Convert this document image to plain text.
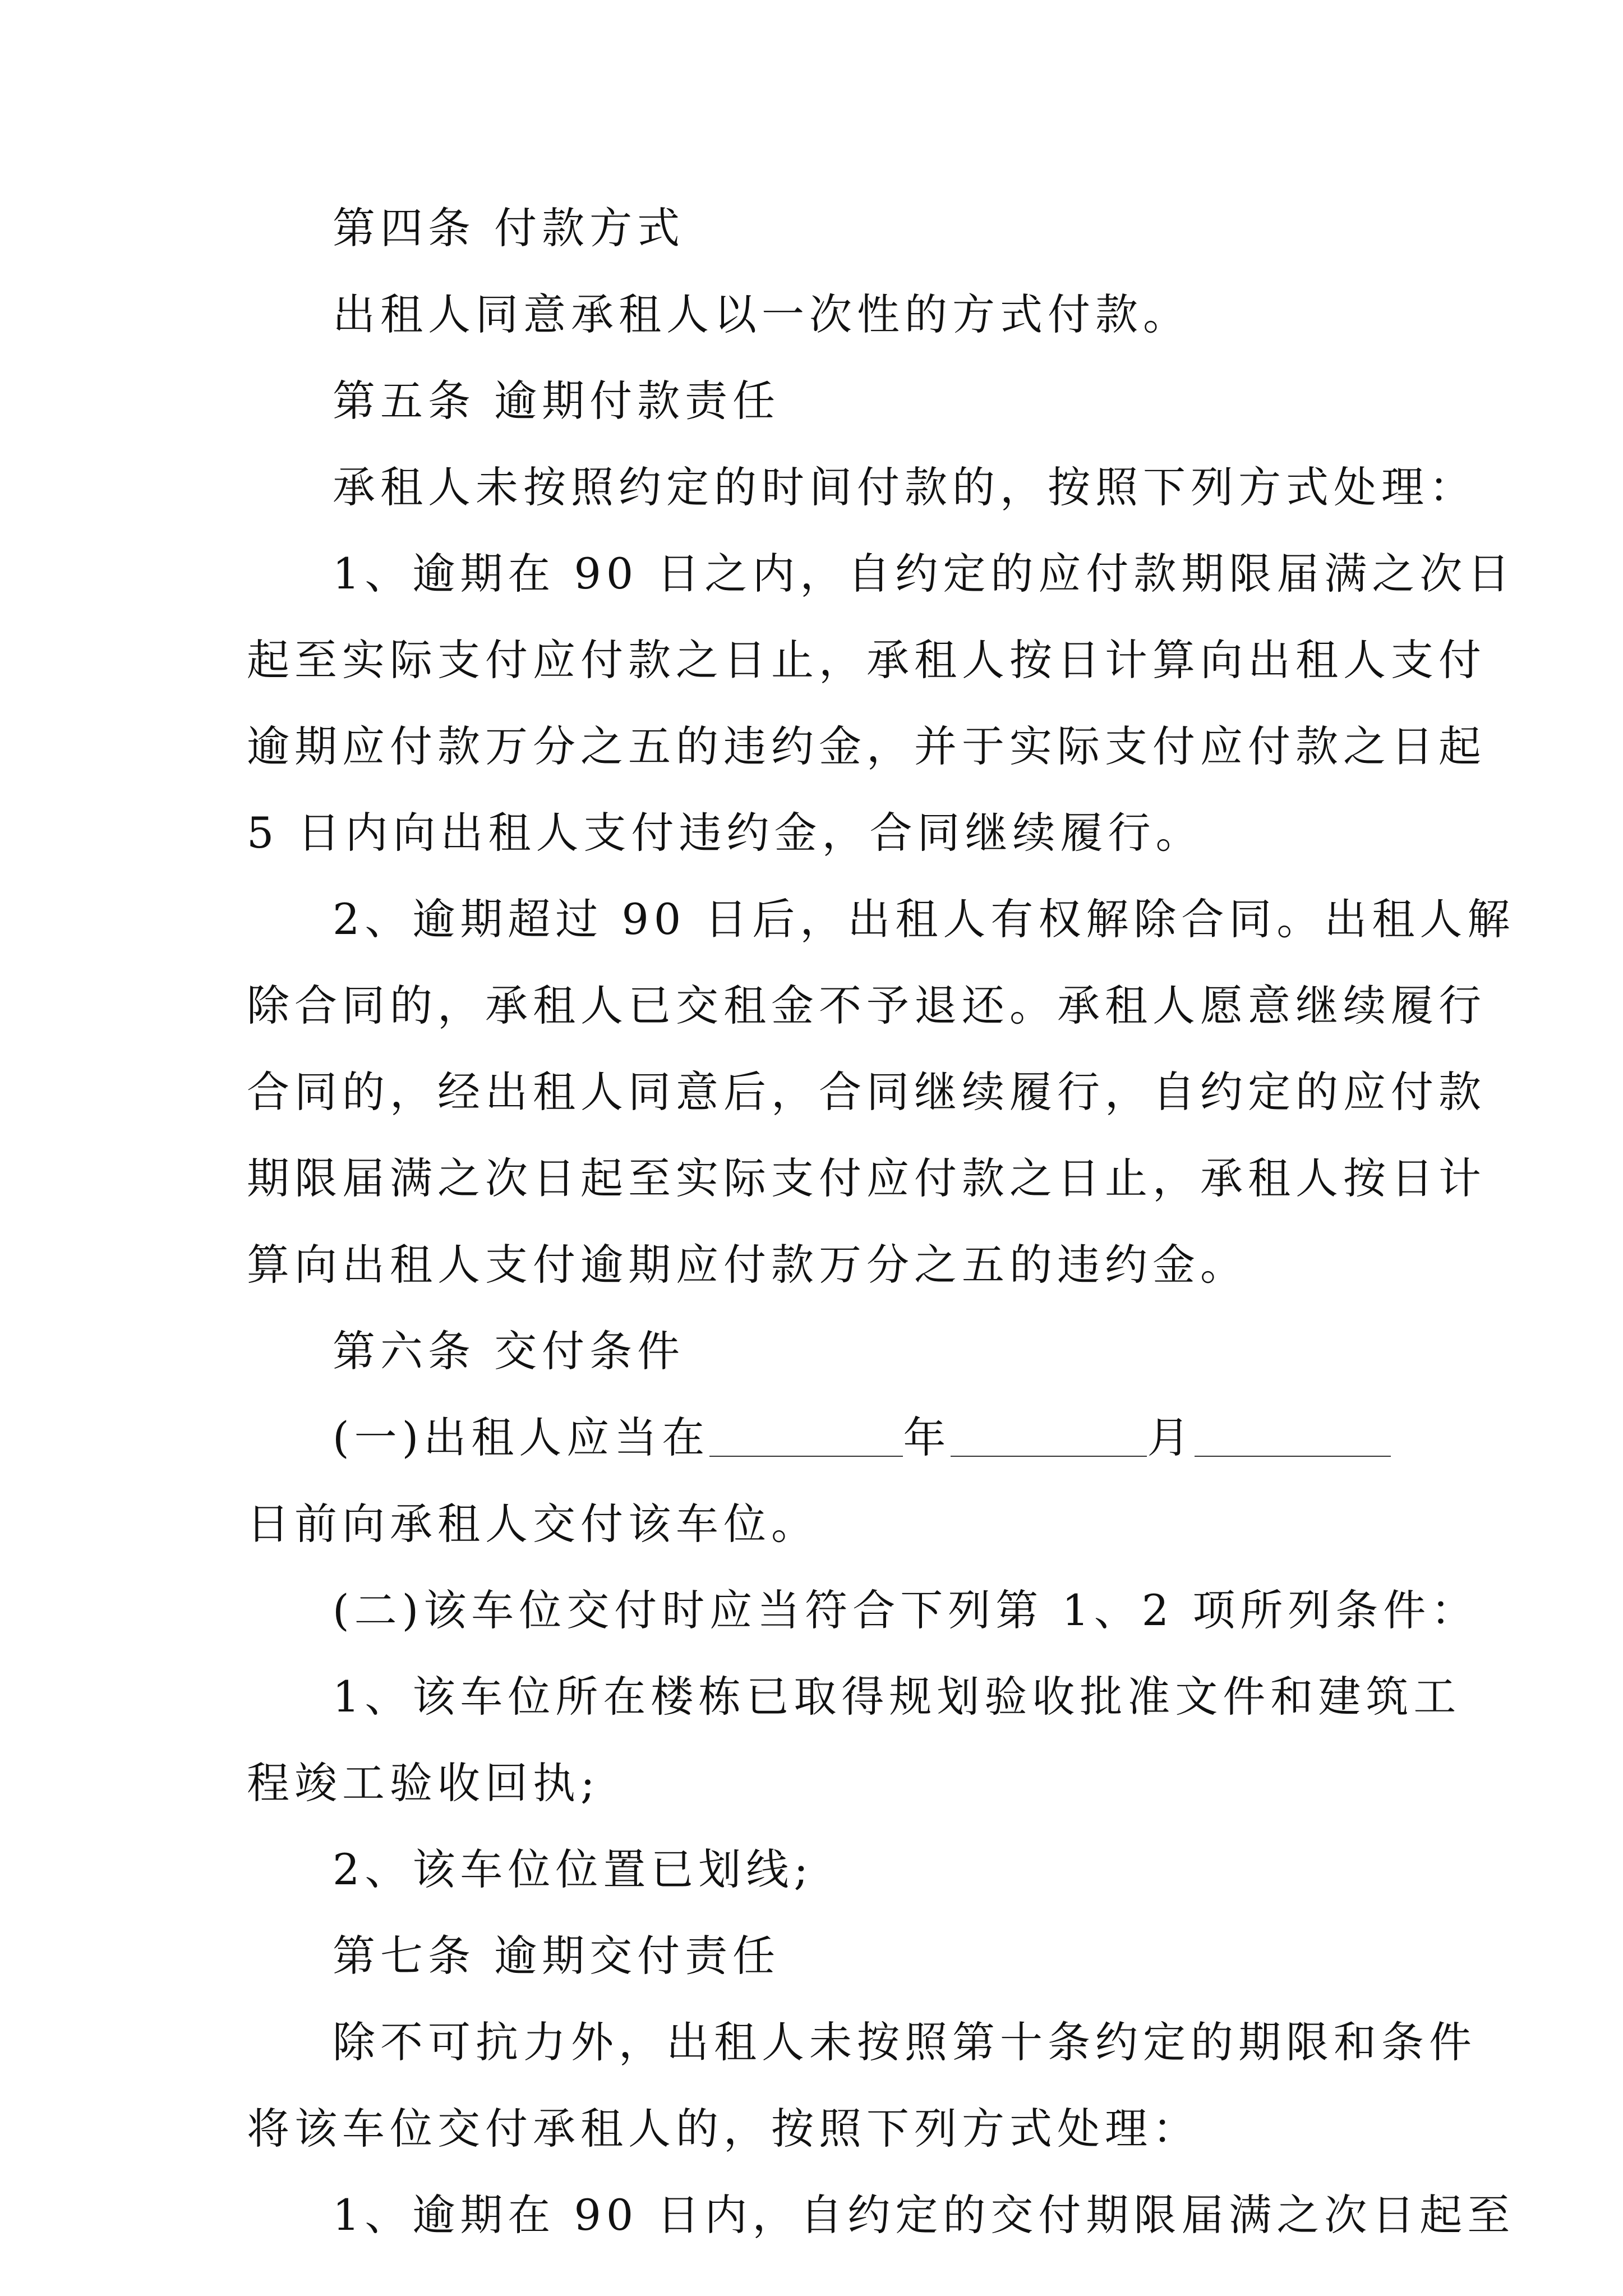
第四条 付款方式
出租人同意承租人以一次性的方式付款。
第五条 逾期付款责任
承租人未按照约定的时间付款的，按照下列方式处理：
1、逾期在 90 日之内，自约定的应付款期限届满之次日
起至实际支付应付款之日止，承租人按日计算向出租人支付
逾期应付款万分之五的违约金，并于实际支付应付款之日起
5 日内向出租人支付违约金，合同继续履行。
2、逾期超过 90 日后，出租人有权解除合同。出租人解
除合同的，承租人已交租金不予退还。承租人愿意继续履行
合同的，经出租人同意后，合同继续履行，自约定的应付款
期限届满之次日起至实际支付应付款之日止，承租人按日计
算向出租人支付逾期应付款万分之五的违约金。
第六条 交付条件
(一)出租人应当在	年	月
日前向承租人交付该车位。
(二)该车位交付时应当符合下列第 1、2 项所列条件：
1、该车位所在楼栋已取得规划验收批准文件和建筑工
程竣工验收回执;
2、该车位位置已划线;
第七条 逾期交付责任
除不可抗力外，出租人未按照第十条约定的期限和条件
将该车位交付承租人的，按照下列方式处理：
1、逾期在 90 日内，自约定的交付期限届满之次日起至
